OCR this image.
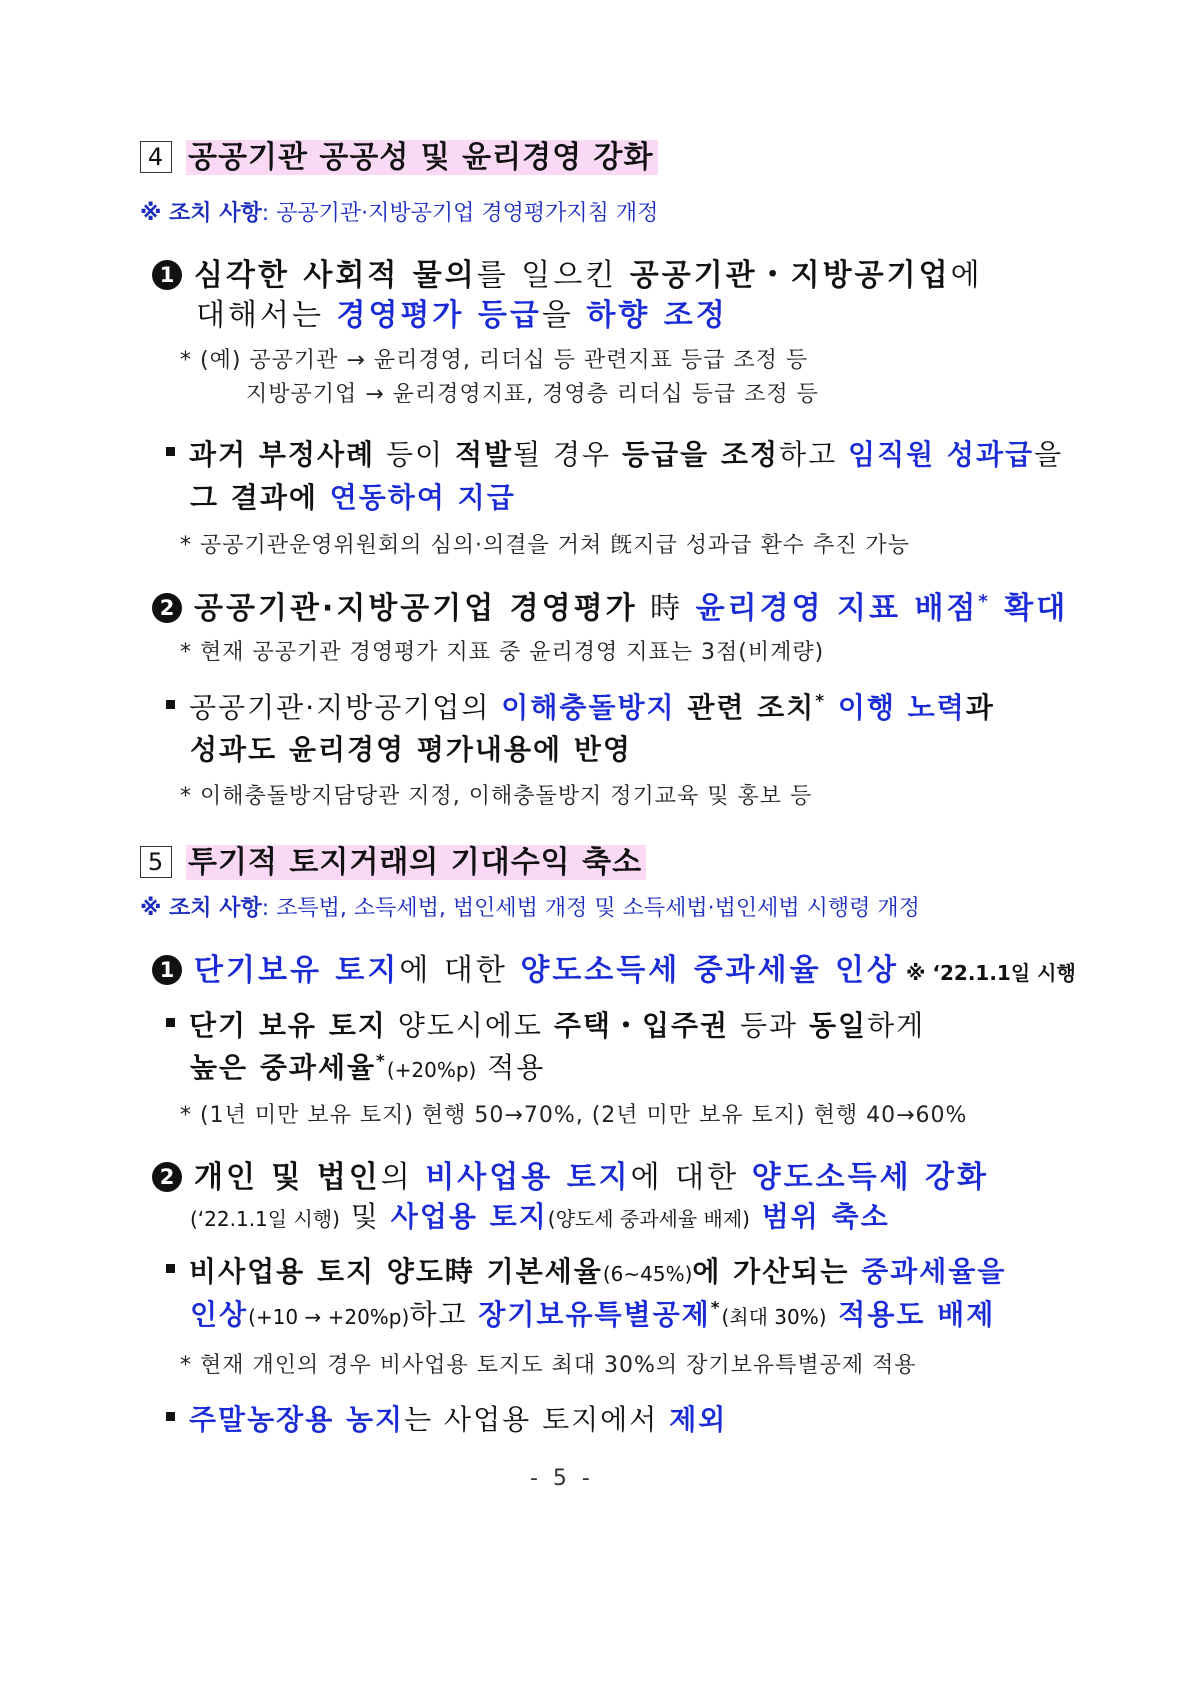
4 공공기관 공공성 및 윤리경영 강화
※ 조치 사항: 공공기관·지방공기업 경영평가지침 개정
1 심각한 사회적 물의를 일으킨 공공기관・지방공기업에
대해서는 경영평가 등급을 하향 조정
* (예) 공공기관 → 윤리경영, 리더십 등 관련지표 등급 조정 등
지방공기업 → 윤리경영지표, 경영층 리더십 등급 조정 등
과거 부정사례 등이 적발될 경우 등급을 조정하고 임직원 성과급을
그 결과에 연동하여 지급
* 공공기관운영위원회의 심의·의결을 거쳐 旣지급 성과급 환수 추진 가능
2 공공기관·지방공기업 경영평가 時 윤리경영 지표 배점* 확대
* 현재 공공기관 경영평가 지표 중 윤리경영 지표는 3점(비계량)
공공기관·지방공기업의 이해충돌방지 관련 조치* 이행 노력과
성과도 윤리경영 평가내용에 반영
* 이해충돌방지담당관 지정, 이해충돌방지 정기교육 및 홍보 등
5 투기적 토지거래의 기대수익 축소
※ 조치 사항: 조특법, 소득세법, 법인세법 개정 및 소득세법·법인세법 시행령 개정
1 단기보유 토지에 대한 양도소득세 중과세율 인상 ※ ‘22.1.1일 시행
단기 보유 토지 양도시에도 주택・입주권 등과 동일하게
높은 중과세율*(+20%p) 적용
* (1년 미만 보유 토지) 현행 50→70%, (2년 미만 보유 토지) 현행 40→60%
2 개인 및 법인의 비사업용 토지에 대한 양도소득세 강화
(‘22.1.1일 시행) 및 사업용 토지(양도세 중과세율 배제) 범위 축소
비사업용 토지 양도時 기본세율(6~45%)에 가산되는 중과세율을
인상(+10 → +20%p)하고 장기보유특별공제*(최대 30%) 적용도 배제
* 현재 개인의 경우 비사업용 토지도 최대 30%의 장기보유특별공제 적용
주말농장용 농지는 사업용 토지에서 제외
- 5 -
